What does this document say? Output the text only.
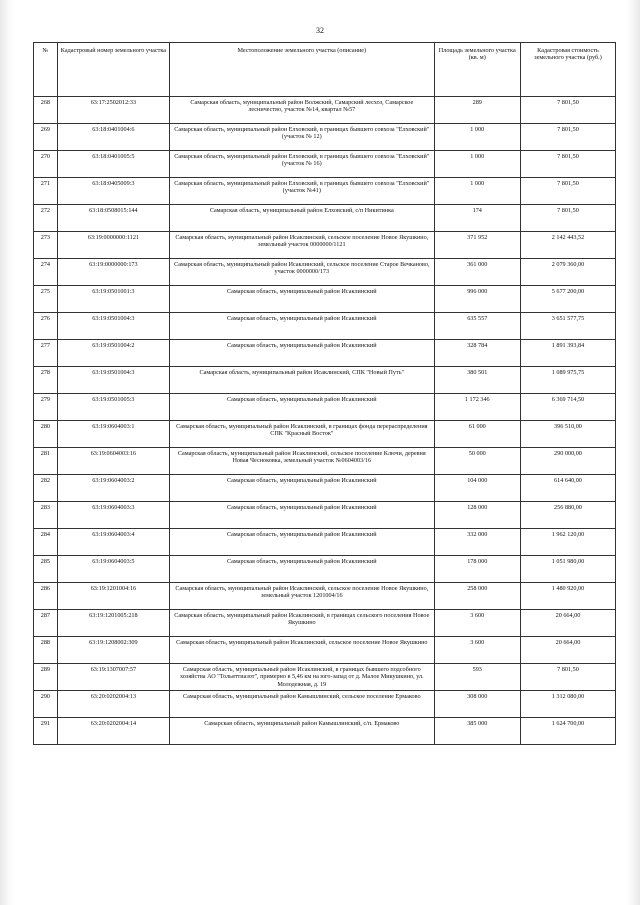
32
№	Кадастровый номер земельного участка	Местоположение земельного участка (описание)	Площадь земельного участка (кв. м)	Кадастровая стоимость земельного участка (руб.)
268	63:17:2502012:33	Самарская область, муниципальный район Волжский, Самарский лесхоз, Самарское лесничество, участок №14, квартал №57	289	7 801,50
269	63:18:0401004:6	Самарская область, муниципальный район Елховский, в границах бывшего совхоза "Елховский" (участок № 12)	1 000	7 801,50
270	63:18:0401005:5	Самарская область, муниципальный район Елховский, в границах бывшего совхоза "Елховский" (участок № 16)	1 000	7 801,50
271	63:18:0405009:3	Самарская область, муниципальный район Елховский, в границах бывшего совхоза "Елховский"(участок №41)	1 000	7 801,50
272	63:18:0508015:144	Самарская область, муниципальный район Елховский, с/п Никитинка	174	7 801,50
273	63:19:0000000:1121	Самарская область, муниципальный район Исаклинский, сельское поселение Новое Якушкино, земельный участок 0000000/1121	371 952	2 142 443,52
274	63:19:0000000:173	Самарская область, муниципальный район Исаклинский, сельское поселение Старое Вечканово, участок 0000000/173	361 000	2 079 360,00
275	63:19:0501001:3	Самарская область, муниципальный район Исаклинский	996 000	5 677 200,00
276	63:19:0501004:3	Самарская область, муниципальный район Исаклинский	635 557	3 651 577,75
277	63:19:0501004:2	Самарская область, муниципальный район Исаклинский	328 784	1 891 393,84
278	63:19:0501004:3	Самарская область, муниципальный район Исаклинский, СПК "Новый Путь"	380 501	1 089 975,75
279	63:19:0501005:3	Самарская область, муниципальный район Исаклинский	1 172 346	6 369 714,50
280	63:19:0604003:1	Самарская область, муниципальный район Исаклинский, в границах фонда перераспределения СПК "Красный Восток"	61 000	396 510,00
281	63:19:0604003:16	Самарская область, муниципальный район Исаклинский, сельское поселение Ключи, деревня Новая Чесноковка, земельный участок №0604003/16	50 000	290 000,00
282	63:19:0604003:2	Самарская область, муниципальный район Исаклинский	104 000	614 640,00
283	63:19:0604003:3	Самарская область, муниципальный район Исаклинский	128 000	256 880,00
284	63:19:0604003:4	Самарская область, муниципальный район Исаклинский	332 000	1 962 120,00
285	63:19:0604003:5	Самарская область, муниципальный район Исаклинский	178 000	1 051 980,00
286	63:19:1201004:16	Самарская область, муниципальный район Исаклинский, сельское поселение Новое Якушкино, земельный участок 1201004/16	258 000	1 480 920,00
287	63:19:1201005:218	Самарская область, муниципальный район Исаклинский, в границах сельского поселения Новое Якушкино	3 600	20 664,00
288	63:19:1208002:309	Самарская область, муниципальный район Исаклинский, сельское поселение Новое Якушкино	3 600	20 664,00
289	63:19:1307007:57	Самарская область, муниципальный район Исаклинский, в границах бывшего подсобного хозяйства АО "Тольяттиазот", примерно в 5,46 км на юго-запад от д. Малое Микушкино, ул. Молодежная, д. 19	593	7 801,50
290	63:20:0202004:13	Самарская область, муниципальный район Камышлинский, сельское поселение Ермаково	308 000	1 312 080,00
291	63:20:0202004:14	Самарская область, муниципальный район Камышлинский, с/п. Ермаково	385 000	1 624 700,00
